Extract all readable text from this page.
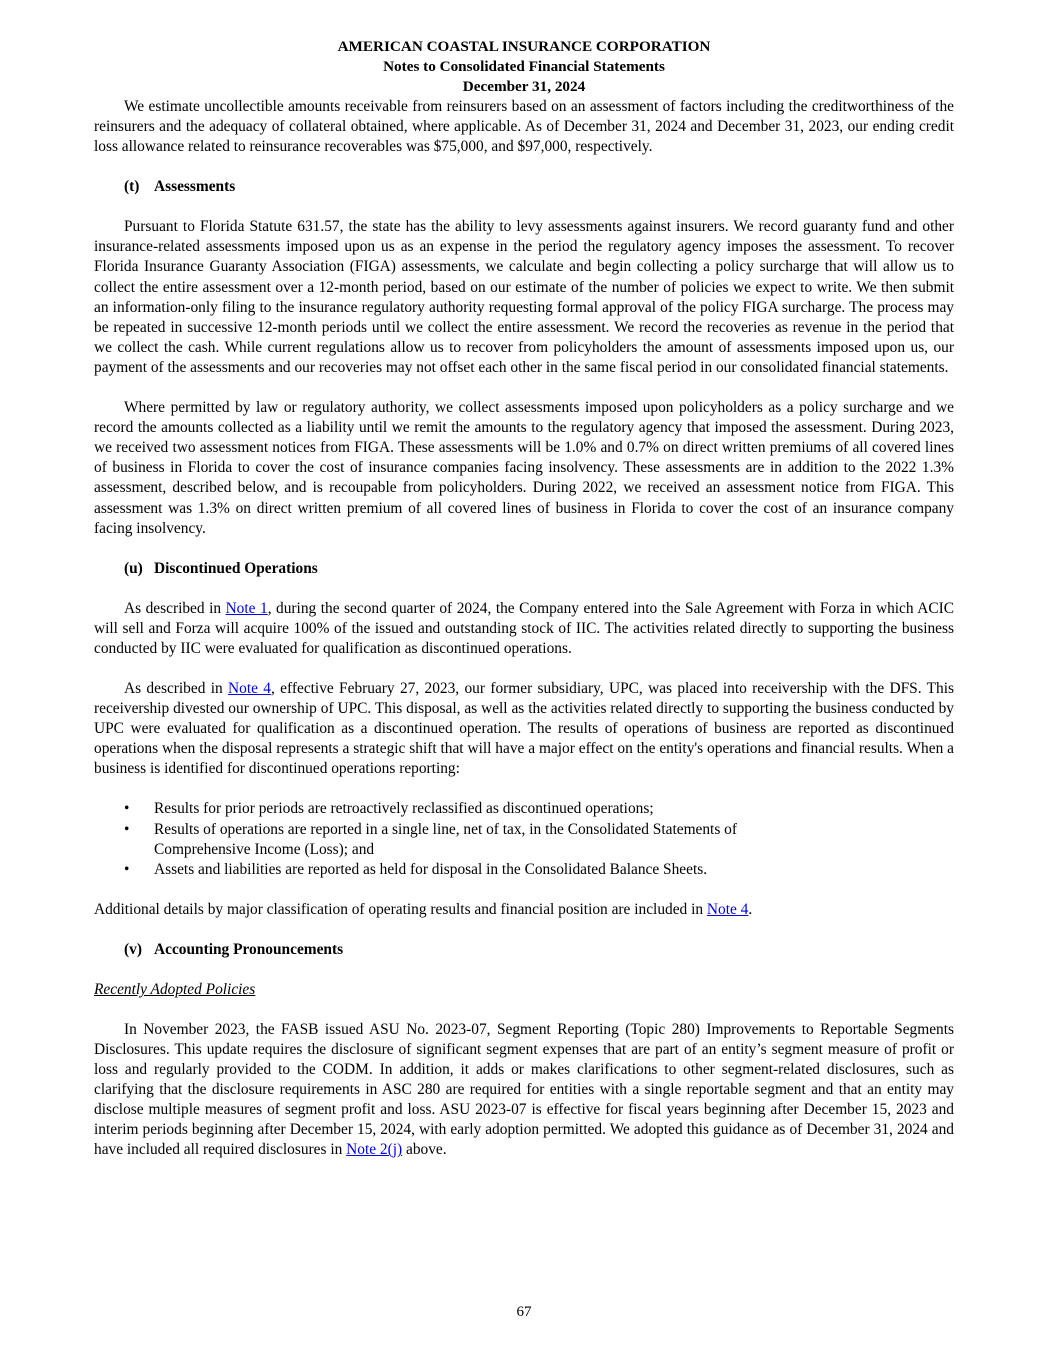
AMERICAN COASTAL INSURANCE CORPORATION
Notes to Consolidated Financial Statements
December 31, 2024

We estimate uncollectible amounts receivable from reinsurers based on an assessment of factors including the creditworthiness of the reinsurers and the adequacy of collateral obtained, where applicable. As of December 31, 2024 and December 31, 2023, our ending credit loss allowance related to reinsurance recoverables was $75,000, and $97,000, respectively.

(t) Assessments

Pursuant to Florida Statute 631.57, the state has the ability to levy assessments against insurers. We record guaranty fund and other insurance-related assessments imposed upon us as an expense in the period the regulatory agency imposes the assessment. To recover Florida Insurance Guaranty Association (FIGA) assessments, we calculate and begin collecting a policy surcharge that will allow us to collect the entire assessment over a 12-month period, based on our estimate of the number of policies we expect to write. We then submit an information-only filing to the insurance regulatory authority requesting formal approval of the policy FIGA surcharge. The process may be repeated in successive 12-month periods until we collect the entire assessment. We record the recoveries as revenue in the period that we collect the cash. While current regulations allow us to recover from policyholders the amount of assessments imposed upon us, our payment of the assessments and our recoveries may not offset each other in the same fiscal period in our consolidated financial statements.

Where permitted by law or regulatory authority, we collect assessments imposed upon policyholders as a policy surcharge and we record the amounts collected as a liability until we remit the amounts to the regulatory agency that imposed the assessment. During 2023, we received two assessment notices from FIGA. These assessments will be 1.0% and 0.7% on direct written premiums of all covered lines of business in Florida to cover the cost of insurance companies facing insolvency. These assessments are in addition to the 2022 1.3% assessment, described below, and is recoupable from policyholders. During 2022, we received an assessment notice from FIGA. This assessment was 1.3% on direct written premium of all covered lines of business in Florida to cover the cost of an insurance company facing insolvency.

(u) Discontinued Operations

As described in Note 1, during the second quarter of 2024, the Company entered into the Sale Agreement with Forza in which ACIC will sell and Forza will acquire 100% of the issued and outstanding stock of IIC. The activities related directly to supporting the business conducted by IIC were evaluated for qualification as discontinued operations.

As described in Note 4, effective February 27, 2023, our former subsidiary, UPC, was placed into receivership with the DFS. This receivership divested our ownership of UPC. This disposal, as well as the activities related directly to supporting the business conducted by UPC were evaluated for qualification as a discontinued operation. The results of operations of business are reported as discontinued operations when the disposal represents a strategic shift that will have a major effect on the entity's operations and financial results. When a business is identified for discontinued operations reporting:

• Results for prior periods are retroactively reclassified as discontinued operations;
• Results of operations are reported in a single line, net of tax, in the Consolidated Statements of Comprehensive Income (Loss); and
• Assets and liabilities are reported as held for disposal in the Consolidated Balance Sheets.

Additional details by major classification of operating results and financial position are included in Note 4.

(v) Accounting Pronouncements
Recently Adopted Policies

In November 2023, the FASB issued ASU No. 2023-07, Segment Reporting (Topic 280) Improvements to Reportable Segments Disclosures. This update requires the disclosure of significant segment expenses that are part of an entity’s segment measure of profit or loss and regularly provided to the CODM. In addition, it adds or makes clarifications to other segment-related disclosures, such as clarifying that the disclosure requirements in ASC 280 are required for entities with a single reportable segment and that an entity may disclose multiple measures of segment profit and loss. ASU 2023-07 is effective for fiscal years beginning after December 15, 2023 and interim periods beginning after December 15, 2024, with early adoption permitted. We adopted this guidance as of December 31, 2024 and have included all required disclosures in Note 2(j) above.

67
